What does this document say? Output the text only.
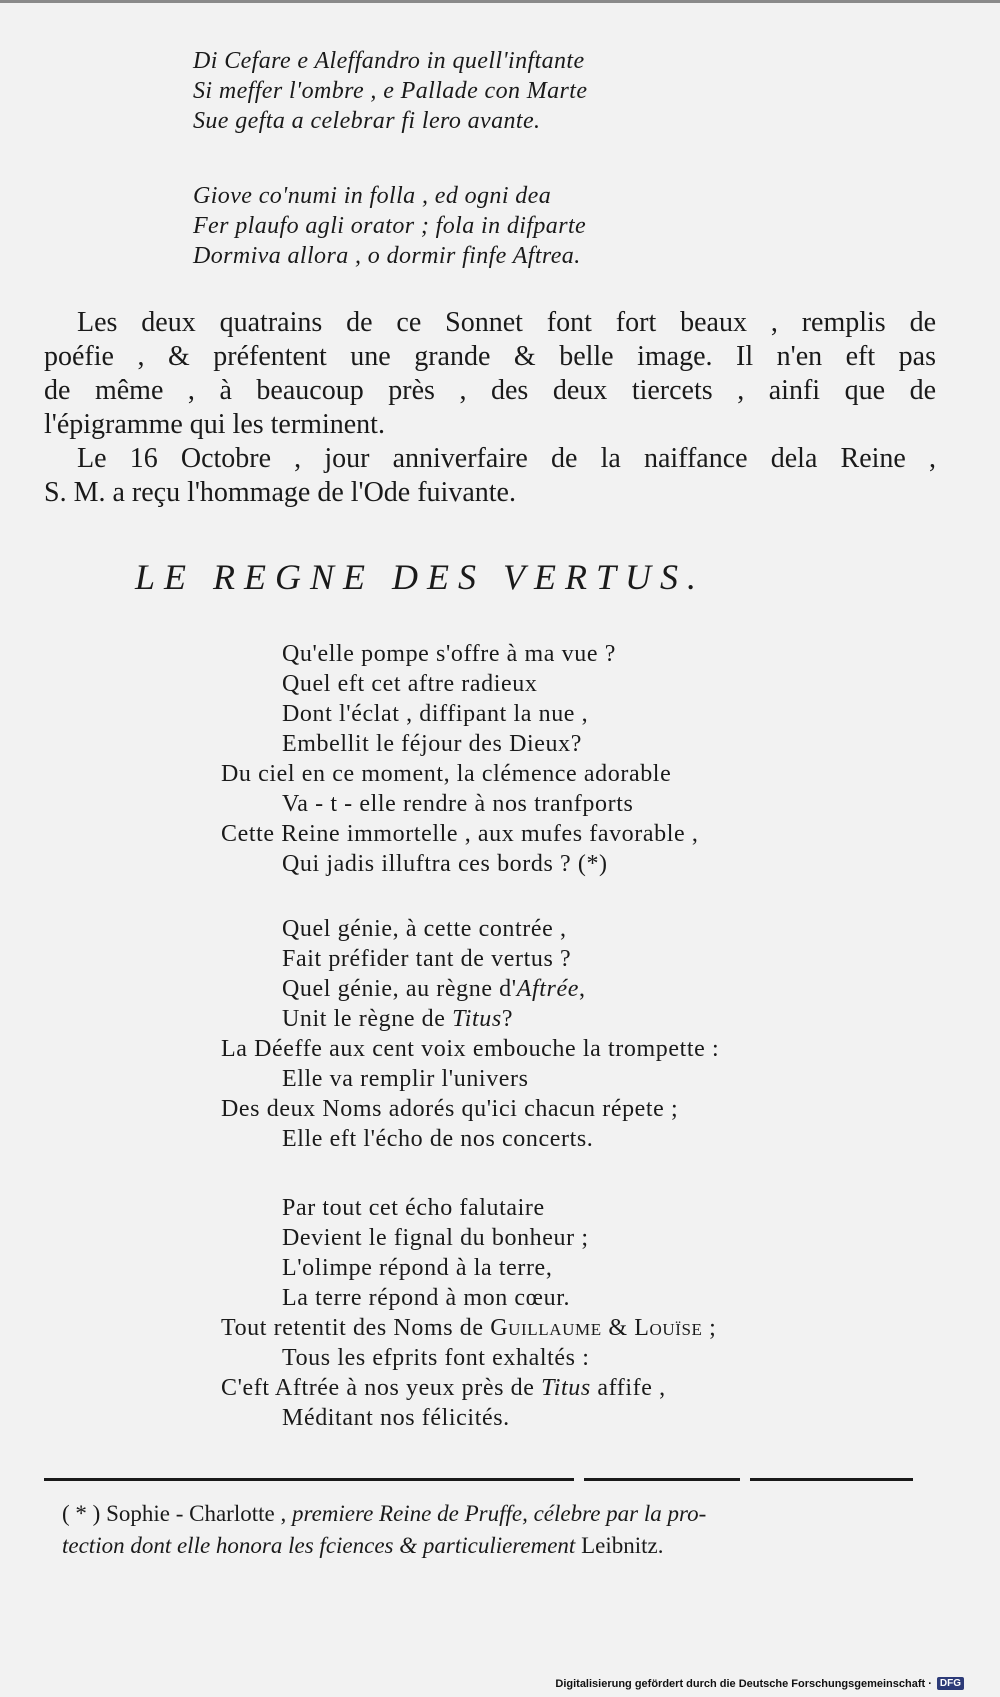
Di Cefare e Aleffandro in quell'inftante
Si meffer l'ombre , e Pallade con Marte
Sue gefta a celebrar fi lero avante.
Giove co'numi in folla , ed ogni dea
Fer plaufo agli orator ; fola in difparte
Dormiva allora , o dormir finfe Aftrea.
Les deux quatrains de ce Sonnet font fort beaux , remplis de
poéfie , & préfentent une grande & belle image. Il n'en eft pas
de même , à beaucoup près , des deux tiercets , ainfi que de
l'épigramme qui les terminent.
Le 16 Octobre , jour anniverfaire de la naiffance dela Reine ,
S. M. a reçu l'hommage de l'Ode fuivante.
LE REGNE DES VERTUS.
Qu'elle pompe s'offre à ma vue ?
Quel eft cet aftre radieux
Dont l'éclat , diffipant la nue ,
Embellit le féjour des Dieux?
Du ciel en ce moment, la clémence adorable
Va - t - elle rendre à nos tranfports
Cette Reine immortelle , aux mufes favorable ,
Qui jadis illuftra ces bords ? (*)
Quel génie, à cette contrée ,
Fait préfider tant de vertus ?
Quel génie, au règne d'Aftrée,
Unit le règne de Titus?
La Déeffe aux cent voix embouche la trompette :
Elle va remplir l'univers
Des deux Noms adorés qu'ici chacun répete ;
Elle eft l'écho de nos concerts.
Par tout cet écho falutaire
Devient le fignal du bonheur ;
L'olimpe répond à la terre,
La terre répond à mon cœur.
Tout retentit des Noms de Guillaume & Louïse ;
Tous les efprits font exhaltés :
C'eft Aftrée à nos yeux près de Titus affife ,
Méditant nos félicités.
( * ) Sophie - Charlotte , premiere Reine de Pruffe, célebre par la pro-
tection dont elle honora les fciences & particulierement Leibnitz.
Digitalisierung gefördert durch die Deutsche Forschungsgemeinschaft · DFG
